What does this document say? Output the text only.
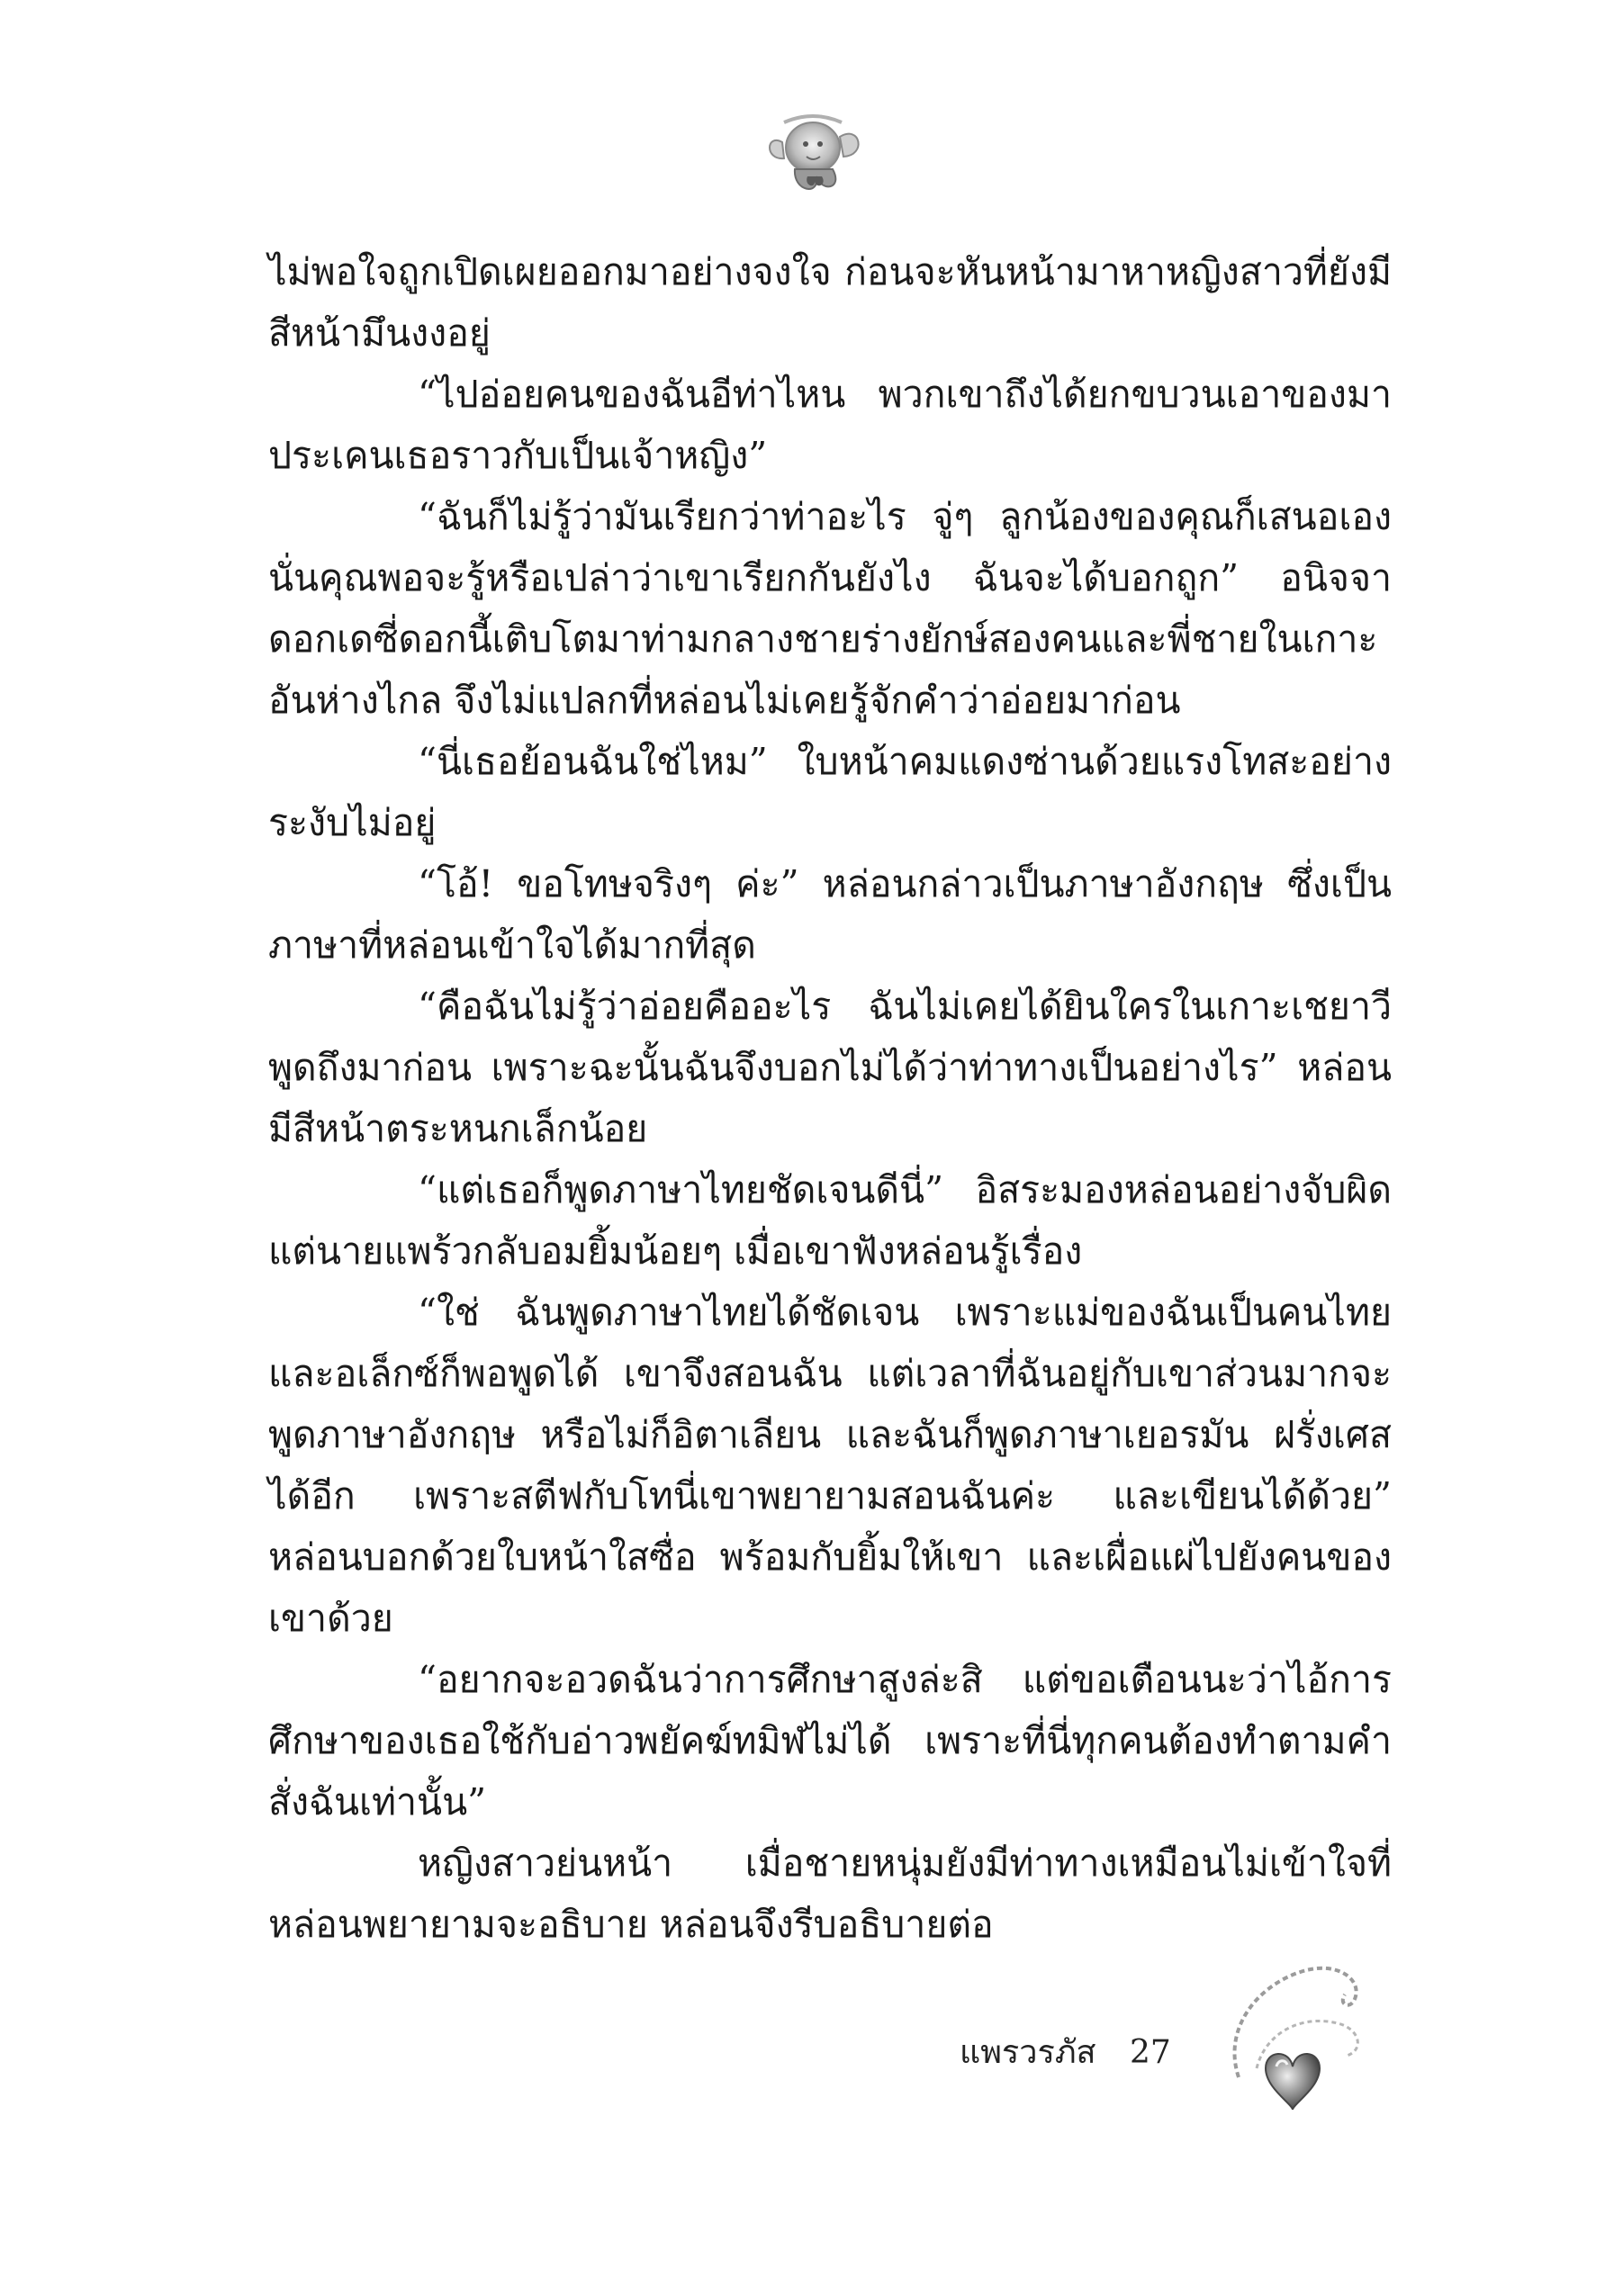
ไม่พอใจถูกเปิดเผยออกมาอย่างจงใจ ก่อนจะหันหน้ามาหาหญิงสาวที่ยังมีสีหน้ามึนงงอยู่

“ไปอ่อยคนของฉันอีท่าไหน พวกเขาถึงได้ยกขบวนเอาของมาประเคนเธอราวกับเป็นเจ้าหญิง”

“ฉันก็ไม่รู้ว่ามันเรียกว่าท่าอะไร จู่ๆ ลูกน้องของคุณก็เสนอเองนั่นคุณพอจะรู้หรือเปล่าว่าเขาเรียกกันยังไง ฉันจะได้บอกถูก” อนิจจาดอกเดซี่ดอกนี้เติบโตมาท่ามกลางชายร่างยักษ์สองคนและพี่ชายในเกาะอันห่างไกล จึงไม่แปลกที่หล่อนไม่เคยรู้จักคำว่าอ่อยมาก่อน

“นี่เธอย้อนฉันใช่ไหม” ใบหน้าคมแดงซ่านด้วยแรงโทสะอย่างระงับไม่อยู่

“โอ้! ขอโทษจริงๆ ค่ะ” หล่อนกล่าวเป็นภาษาอังกฤษ ซึ่งเป็นภาษาที่หล่อนเข้าใจได้มากที่สุด

“คือฉันไม่รู้ว่าอ่อยคืออะไร ฉันไม่เคยได้ยินใครในเกาะเชยาวีพูดถึงมาก่อน เพราะฉะนั้นฉันจึงบอกไม่ได้ว่าท่าทางเป็นอย่างไร” หล่อนมีสีหน้าตระหนกเล็กน้อย

“แต่เธอก็พูดภาษาไทยชัดเจนดีนี่” อิสระมองหล่อนอย่างจับผิดแต่นายแพร้วกลับอมยิ้มน้อยๆ เมื่อเขาฟังหล่อนรู้เรื่อง

“ใช่ ฉันพูดภาษาไทยได้ชัดเจน เพราะแม่ของฉันเป็นคนไทยและอเล็กซ์ก็พอพูดได้ เขาจึงสอนฉัน แต่เวลาที่ฉันอยู่กับเขาส่วนมากจะพูดภาษาอังกฤษ หรือไม่ก็อิตาเลียน และฉันก็พูดภาษาเยอรมัน ฝรั่งเศสได้อีก เพราะสตีฟกับโทนี่เขาพยายามสอนฉันค่ะ และเขียนได้ด้วย” หล่อนบอกด้วยใบหน้าใสซื่อ พร้อมกับยิ้มให้เขา และเผื่อแผ่ไปยังคนของเขาด้วย

“อยากจะอวดฉันว่าการศึกษาสูงล่ะสิ แต่ขอเตือนนะว่าไอ้การศึกษาของเธอใช้กับอ่าวพยัคฆ์ทมิฬไม่ได้ เพราะที่นี่ทุกคนต้องทำตามคำสั่งฉันเท่านั้น”

หญิงสาวย่นหน้า เมื่อชายหนุ่มยังมีท่าทางเหมือนไม่เข้าใจที่หล่อนพยายามจะอธิบาย หล่อนจึงรีบอธิบายต่อ

แพรวรภัส 27
